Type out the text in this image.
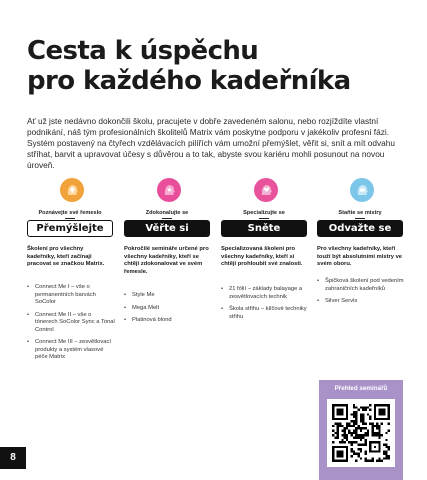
Cesta k úspěchu
pro každého kadeřníka

Ať už jste nedávno dokončili školu, pracujete v dobře zavedeném salonu, nebo rozjíždíte vlastní podnikání, náš tým profesionálních školitelů Matrix vám poskytne podporu v jakékoliv profesní fázi. Systém postavený na čtyřech vzdělávacích pilířích vám umožní přemýšlet, věřit si, snít a mít odvahu stříhat, barvit a upravovat účesy s důvěrou a to tak, abyste svou kariéru mohli posunout na novou úroveň.

Poznávejte své řemeslo
Přemýšlejte
Školení pro všechny kadeřníky, kteří začínají pracovat se značkou Matrix.
• Connect Me I – vše o permanentních barvách SoColor
• Connect Me II – vše o tónerech SoColor Sync a Tonal Control
• Connect Me III – zesvětlovací produkty a systém vlasové péče Matrix
Zdokonalujte se
Věřte si
Pokročilé semináře určené pro všechny kadeřníky, kteří se chtějí zdokonalovat ve svém řemesle.
• Style Me
• Mega Melt
• Platinová blond
Specializujte se
Sněte
Specializovaná školení pro všechny kadeřníky, kteří si chtějí prohloubit své znalosti.
• 21 fólií – základy balayage a zesvětlovacích technik
• Škola střihu – klíčové techniky střihu
Staňte se mistry
Odvažte se
Pro všechny kadeřníky, kteří touží být absolutními mistry ve svém oboru.
• Špičková školení pod vedením zahraničních kadeřníků
• Silver Servis
Přehled seminářů
8
